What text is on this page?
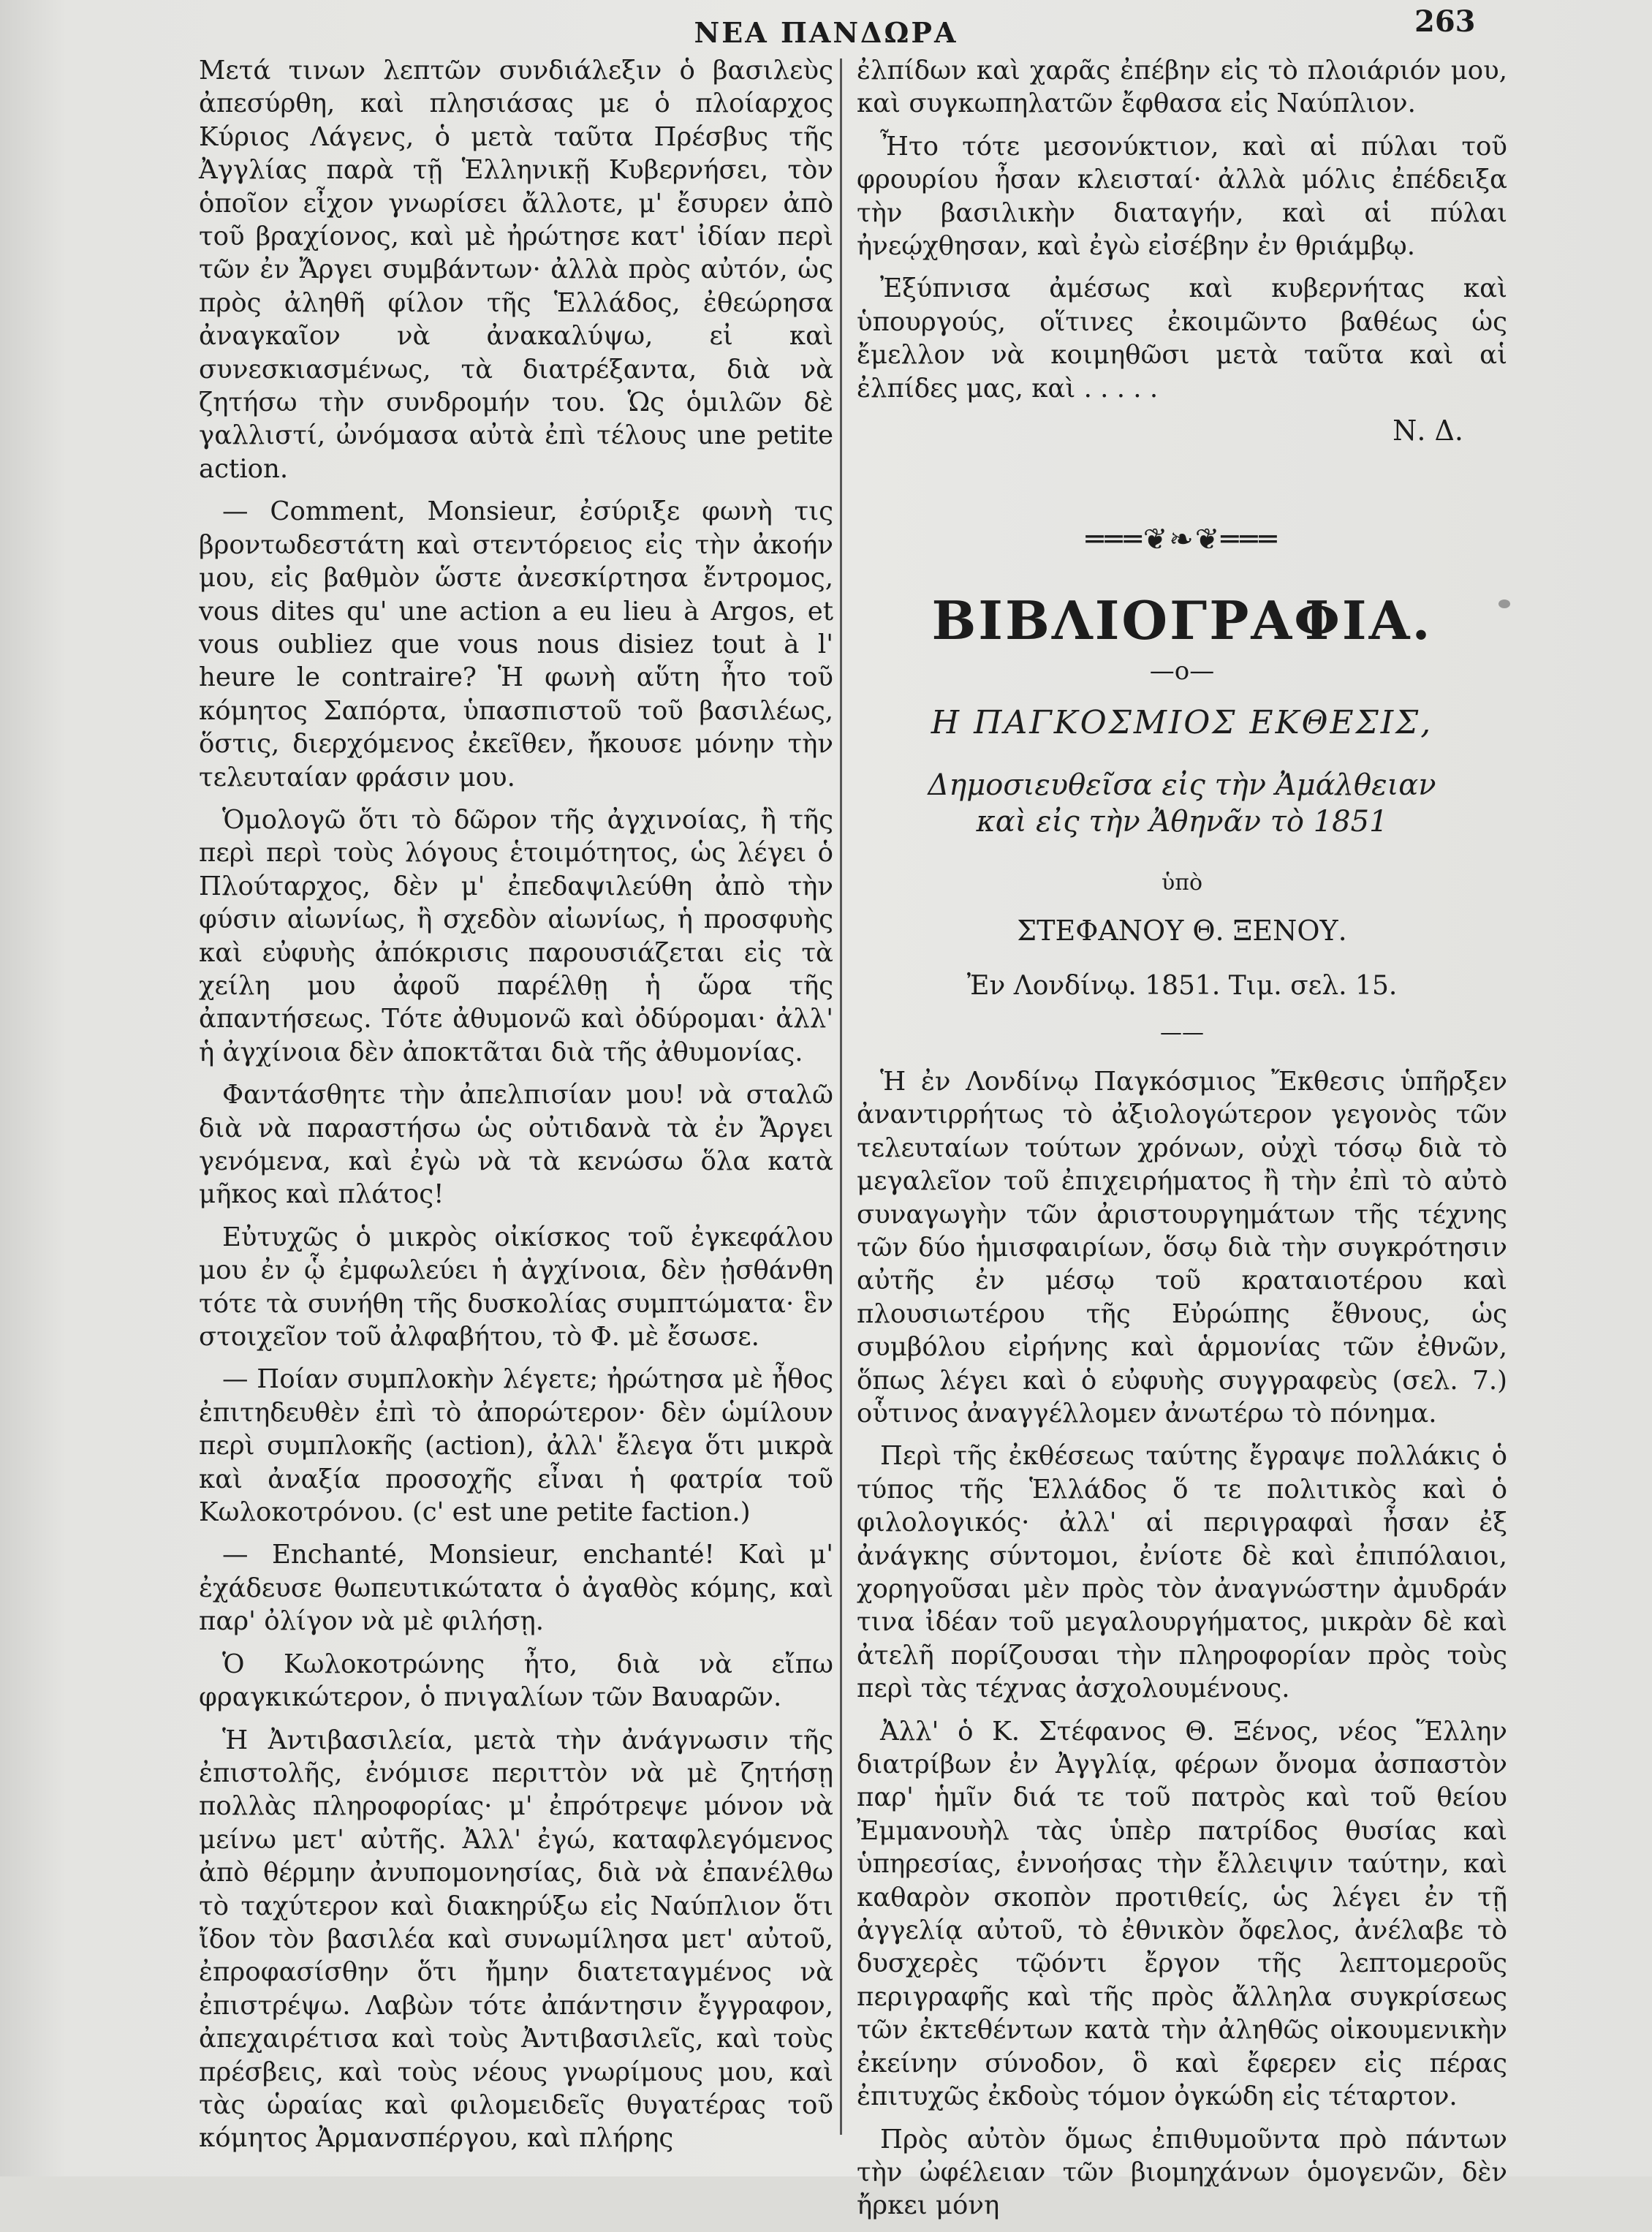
ΝΕΑ ΠΑΝΔΩΡΑ	263

Μετά τινων λεπτῶν συνδιάλεξιν ὁ βασιλεὺς ἀπεσύρθη, καὶ πλησιάσας με ὁ πλοίαρχος Κύριος Λάγενς, ὁ μετὰ ταῦτα Πρέσβυς τῆς Ἀγγλίας παρὰ τῇ Ἑλληνικῇ Κυβερνήσει, τὸν ὁποῖον εἶχον γνωρίσει ἄλλοτε, μ' ἔσυρεν ἀπὸ τοῦ βραχίονος, καὶ μὲ ἠρώτησε κατ' ἰδίαν περὶ τῶν ἐν Ἄργει συμβάντων· ἀλλὰ πρὸς αὐτόν, ὡς πρὸς ἀληθῆ φίλον τῆς Ἑλλάδος, ἐθεώρησα ἀναγκαῖον νὰ ἀνακαλύψω, εἰ καὶ συνεσκιασμένως, τὰ διατρέξαντα, διὰ νὰ ζητήσω τὴν συνδρομήν του. Ὡς ὁμιλῶν δὲ γαλλιστί, ὠνόμασα αὐτὰ ἐπὶ τέλους une petite action.

— Comment, Monsieur, ἐσύριξε φωνὴ τις βροντωδεστάτη καὶ στεντόρειος εἰς τὴν ἀκοήν μου, εἰς βαθμὸν ὥστε ἀνεσκίρτησα ἔντρομος, vous dites qu' une action a eu lieu à Argos, et vous oubliez que vous nous disiez tout à l' heure le contraire? Ἡ φωνὴ αὕτη ἦτο τοῦ κόμητος Σαπόρτα, ὑπασπιστοῦ τοῦ βασιλέως, ὅστις, διερχόμενος ἐκεῖθεν, ἤκουσε μόνην τὴν τελευταίαν φράσιν μου.

Ὁμολογῶ ὅτι τὸ δῶρον τῆς ἀγχινοίας, ἢ τῆς περὶ περὶ τοὺς λόγους ἑτοιμότητος, ὡς λέγει ὁ Πλούταρχος, δὲν μ' ἐπεδαψιλεύθη ἀπὸ τὴν φύσιν αἰωνίως, ἢ σχεδὸν αἰωνίως, ἡ προσφυὴς καὶ εὐφυὴς ἀπόκρισις παρουσιάζεται εἰς τὰ χείλη μου ἀφοῦ παρέλθῃ ἡ ὥρα τῆς ἀπαντήσεως. Τότε ἀθυμονῶ καὶ ὀδύρομαι· ἀλλ' ἡ ἀγχίνοια δὲν ἀποκτᾶται διὰ τῆς ἀθυμονίας.

Φαντάσθητε τὴν ἀπελπισίαν μου! νὰ σταλῶ διὰ νὰ παραστήσω ὡς οὐτιδανὰ τὰ ἐν Ἄργει γενόμενα, καὶ ἐγὼ νὰ τὰ κενώσω ὅλα κατὰ μῆκος καὶ πλάτος!

Εὐτυχῶς ὁ μικρὸς οἰκίσκος τοῦ ἐγκεφάλου μου ἐν ᾧ ἐμφωλεύει ἡ ἀγχίνοια, δὲν ᾐσθάνθη τότε τὰ συνήθη τῆς δυσκολίας συμπτώματα· ἓν στοιχεῖον τοῦ ἀλφαβήτου, τὸ Φ. μὲ ἔσωσε.

— Ποίαν συμπλοκὴν λέγετε; ἠρώτησα μὲ ἦθος ἐπιτηδευθὲν ἐπὶ τὸ ἀπορώτερον· δὲν ὡμίλουν περὶ συμπλοκῆς (action), ἀλλ' ἔλεγα ὅτι μικρὰ καὶ ἀναξία προσοχῆς εἶναι ἡ φατρία τοῦ Κωλοκοτρόνου. (c' est une petite faction.)

— Enchanté, Monsieur, enchanté! Καὶ μ' ἐχάδευσε θωπευτικώτατα ὁ ἀγαθὸς κόμης, καὶ παρ' ὀλίγον νὰ μὲ φιλήσῃ.

Ὁ Κωλοκοτρώνης ἦτο, διὰ νὰ εἴπω φραγκικώτερον, ὁ πνιγαλίων τῶν Βαυαρῶν.

Ἡ Ἀντιβασιλεία, μετὰ τὴν ἀνάγνωσιν τῆς ἐπιστολῆς, ἐνόμισε περιττὸν νὰ μὲ ζητήσῃ πολλὰς πληροφορίας· μ' ἐπρότρεψε μόνον νὰ μείνω μετ' αὐτῆς. Ἀλλ' ἐγώ, καταφλεγόμενος ἀπὸ θέρμην ἀνυπομονησίας, διὰ νὰ ἐπανέλθω τὸ ταχύτερον καὶ διακηρύξω εἰς Ναύπλιον ὅτι ἴδον τὸν βασιλέα καὶ συνωμίλησα μετ' αὐτοῦ, ἐπροφασίσθην ὅτι ἤμην διατεταγμένος νὰ ἐπιστρέψω. Λαβὼν τότε ἀπάντησιν ἔγγραφον, ἀπεχαιρέτισα καὶ τοὺς Ἀντιβασιλεῖς, καὶ τοὺς πρέσβεις, καὶ τοὺς νέους γνωρίμους μου, καὶ τὰς ὡραίας καὶ φιλομειδεῖς θυγατέρας τοῦ κόμητος Ἀρμανσπέργου, καὶ πλήρης

ἐλπίδων καὶ χαρᾶς ἐπέβην εἰς τὸ πλοιάριόν μου, καὶ συγκωπηλατῶν ἔφθασα εἰς Ναύπλιον.

Ἦτο τότε μεσονύκτιον, καὶ αἱ πύλαι τοῦ φρουρίου ἦσαν κλεισταί· ἀλλὰ μόλις ἐπέδειξα τὴν βασιλικὴν διαταγήν, καὶ αἱ πύλαι ἠνεῴχθησαν, καὶ ἐγὼ εἰσέβην ἐν θριάμβῳ.

Ἐξύπνισα ἀμέσως καὶ κυβερνήτας καὶ ὑπουργούς, οἵτινες ἐκοιμῶντο βαθέως ὡς ἔμελλον νὰ κοιμηθῶσι μετὰ ταῦτα καὶ αἱ ἐλπίδες μας, καὶ . . . . .

Ν. Δ.
═══❦❧❦═══
ΒΙΒΛΙΟΓΡΑΦΙΑ.
—o—
Η ΠΑΓΚΟΣΜΙΟΣ ΕΚΘΕΣΙΣ,
Δημοσιευθεῖσα εἰς τὴν Ἀμάλθειαν
καὶ εἰς τὴν Ἀθηνᾶν τὸ 1851
ὑπὸ
ΣΤΕΦΑΝΟΥ Θ. ΞΕΝΟΥ.
Ἐν Λονδίνῳ. 1851. Τιμ. σελ. 15.
——

Ἡ ἐν Λονδίνῳ Παγκόσμιος Ἔκθεσις ὑπῆρξεν ἀναντιρρήτως τὸ ἀξιολογώτερον γεγονὸς τῶν τελευταίων τούτων χρόνων, οὐχὶ τόσῳ διὰ τὸ μεγαλεῖον τοῦ ἐπιχειρήματος ἢ τὴν ἐπὶ τὸ αὐτὸ συναγωγὴν τῶν ἀριστουργημάτων τῆς τέχνης τῶν δύο ἡμισφαιρίων, ὅσῳ διὰ τὴν συγκρότησιν αὐτῆς ἐν μέσῳ τοῦ κραταιοτέρου καὶ πλουσιωτέρου τῆς Εὐρώπης ἔθνους, ὡς συμβόλου εἰρήνης καὶ ἁρμονίας τῶν ἐθνῶν, ὅπως λέγει καὶ ὁ εὐφυὴς συγγραφεὺς (σελ. 7.) οὗτινος ἀναγγέλλομεν ἀνωτέρω τὸ πόνημα.

Περὶ τῆς ἐκθέσεως ταύτης ἔγραψε πολλάκις ὁ τύπος τῆς Ἑλλάδος ὅ τε πολιτικὸς καὶ ὁ φιλολογικός· ἀλλ' αἱ περιγραφαὶ ἦσαν ἐξ ἀνάγκης σύντομοι, ἐνίοτε δὲ καὶ ἐπιπόλαιοι, χορηγοῦσαι μὲν πρὸς τὸν ἀναγνώστην ἀμυδράν τινα ἰδέαν τοῦ μεγαλουργήματος, μικρὰν δὲ καὶ ἀτελῆ πορίζουσαι τὴν πληροφορίαν πρὸς τοὺς περὶ τὰς τέχνας ἀσχολουμένους.

Ἀλλ' ὁ Κ. Στέφανος Θ. Ξένος, νέος Ἕλλην διατρίβων ἐν Ἀγγλίᾳ, φέρων ὄνομα ἀσπαστὸν παρ' ἡμῖν διά τε τοῦ πατρὸς καὶ τοῦ θείου Ἐμμανουὴλ τὰς ὑπὲρ πατρίδος θυσίας καὶ ὑπηρεσίας, ἐννοήσας τὴν ἔλλειψιν ταύτην, καὶ καθαρὸν σκοπὸν προτιθείς, ὡς λέγει ἐν τῇ ἀγγελίᾳ αὐτοῦ, τὸ ἐθνικὸν ὄφελος, ἀνέλαβε τὸ δυσχερὲς τῷόντι ἔργον τῆς λεπτομεροῦς περιγραφῆς καὶ τῆς πρὸς ἄλληλα συγκρίσεως τῶν ἐκτεθέντων κατὰ τὴν ἀληθῶς οἰκουμενικὴν ἐκείνην σύνοδον, ὃ καὶ ἔφερεν εἰς πέρας ἐπιτυχῶς ἐκδοὺς τόμον ὀγκώδη εἰς τέταρτον.

Πρὸς αὐτὸν ὅμως ἐπιθυμοῦντα πρὸ πάντων τὴν ὠφέλειαν τῶν βιομηχάνων ὁμογενῶν, δὲν ἤρκει μόνη
